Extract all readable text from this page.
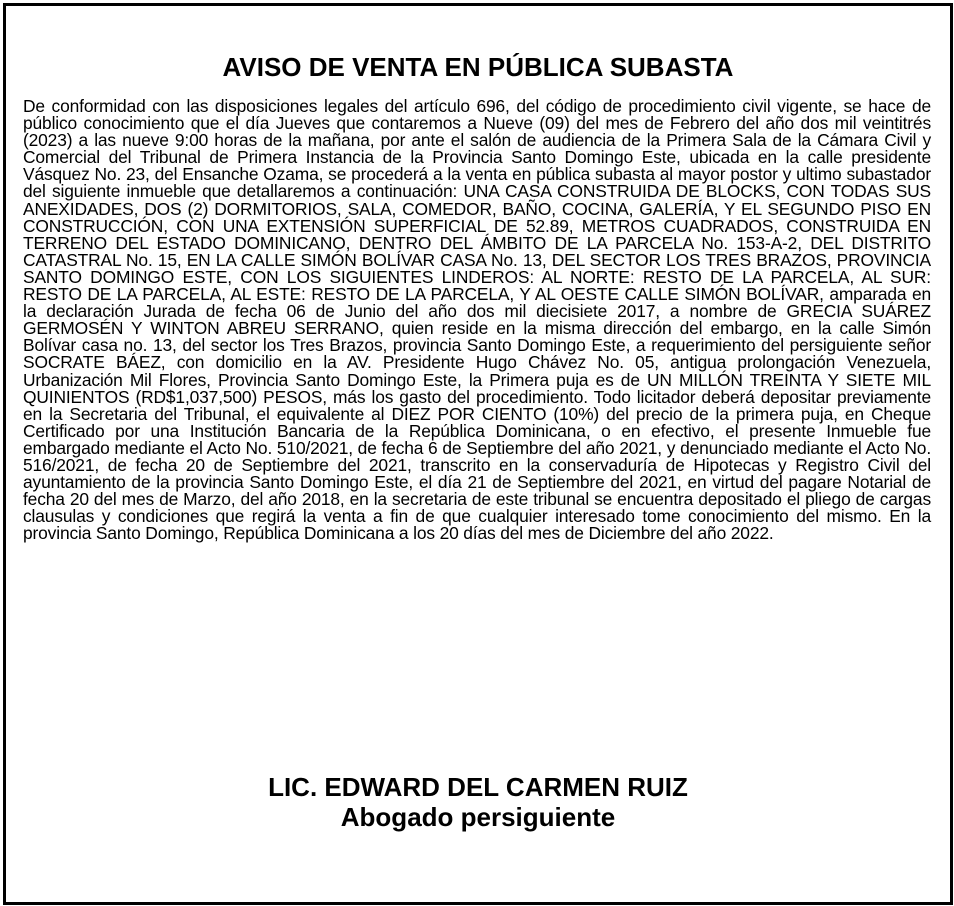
AVISO DE VENTA EN PÚBLICA SUBASTA

De conformidad con las disposiciones legales del artículo 696, del código de procedimiento civil vigente, se hace de público conocimiento que el día Jueves que contaremos a Nueve (09) del mes de Febrero del año dos mil veintitrés (2023) a las nueve 9:00 horas de la mañana, por ante el salón de audiencia de la Primera Sala de la Cámara Civil y Comercial del Tribunal de Primera Instancia de la Provincia Santo Domingo Este, ubicada en la calle presidente Vásquez No. 23, del Ensanche Ozama, se procederá a la venta en pública subasta al mayor postor y ultimo subastador del siguiente inmueble que detallaremos a continuación: UNA CASA CONSTRUIDA DE BLOCKS, CON TODAS SUS ANEXIDADES, DOS (2) DORMITORIOS, SALA, COMEDOR, BAÑO, COCINA, GALERÍA, Y EL SEGUNDO PISO EN CONSTRUCCIÓN, CON UNA EXTENSIÓN SUPERFICIAL DE 52.89, METROS CUADRADOS, CONSTRUIDA EN TERRENO DEL ESTADO DOMINICANO, DENTRO DEL ÁMBITO DE LA PARCELA No. 153-A-2, DEL DISTRITO CATASTRAL No. 15, EN LA CALLE SIMÓN BOLÍVAR CASA No. 13, DEL SECTOR LOS TRES BRAZOS, PROVINCIA SANTO DOMINGO ESTE, CON LOS SIGUIENTES LINDEROS: AL NORTE: RESTO DE LA PARCELA, AL SUR: RESTO DE LA PARCELA, AL ESTE: RESTO DE LA PARCELA, Y AL OESTE CALLE SIMÓN BOLÍVAR, amparada en la declaración Jurada de fecha 06 de Junio del año dos mil diecisiete 2017, a nombre de GRECIA SUÁREZ GERMOSÉN Y WINTON ABREU SERRANO, quien reside en la misma dirección del embargo, en la calle Simón Bolívar casa no. 13, del sector los Tres Brazos, provincia Santo Domingo Este, a requerimiento del persiguiente señor SOCRATE BÁEZ, con domicilio en la AV. Presidente Hugo Chávez No. 05, antigua prolongación Venezuela, Urbanización Mil Flores, Provincia Santo Domingo Este, la Primera puja es de UN MILLÓN TREINTA Y SIETE MIL QUINIENTOS (RD$1,037,500) PESOS, más los gasto del procedimiento. Todo licitador deberá depositar previamente en la Secretaria del Tribunal, el equivalente al DIEZ POR CIENTO (10%) del precio de la primera puja, en Cheque Certificado por una Institución Bancaria de la República Dominicana, o en efectivo, el presente Inmueble fue embargado mediante el Acto No. 510/2021, de fecha 6 de Septiembre del año 2021, y denunciado mediante el Acto No. 516/2021, de fecha 20 de Septiembre del 2021, transcrito en la conservaduría de Hipotecas y Registro Civil del ayuntamiento de la provincia Santo Domingo Este, el día 21 de Septiembre del 2021, en virtud del pagare Notarial de fecha 20 del mes de Marzo, del año 2018, en la secretaria de este tribunal se encuentra depositado el pliego de cargas clausulas y condiciones que regirá la venta a fin de que cualquier interesado tome conocimiento del mismo. En la provincia Santo Domingo, República Dominicana a los 20 días del mes de Diciembre del año 2022.

LIC. EDWARD DEL CARMEN RUIZ
Abogado persiguiente
